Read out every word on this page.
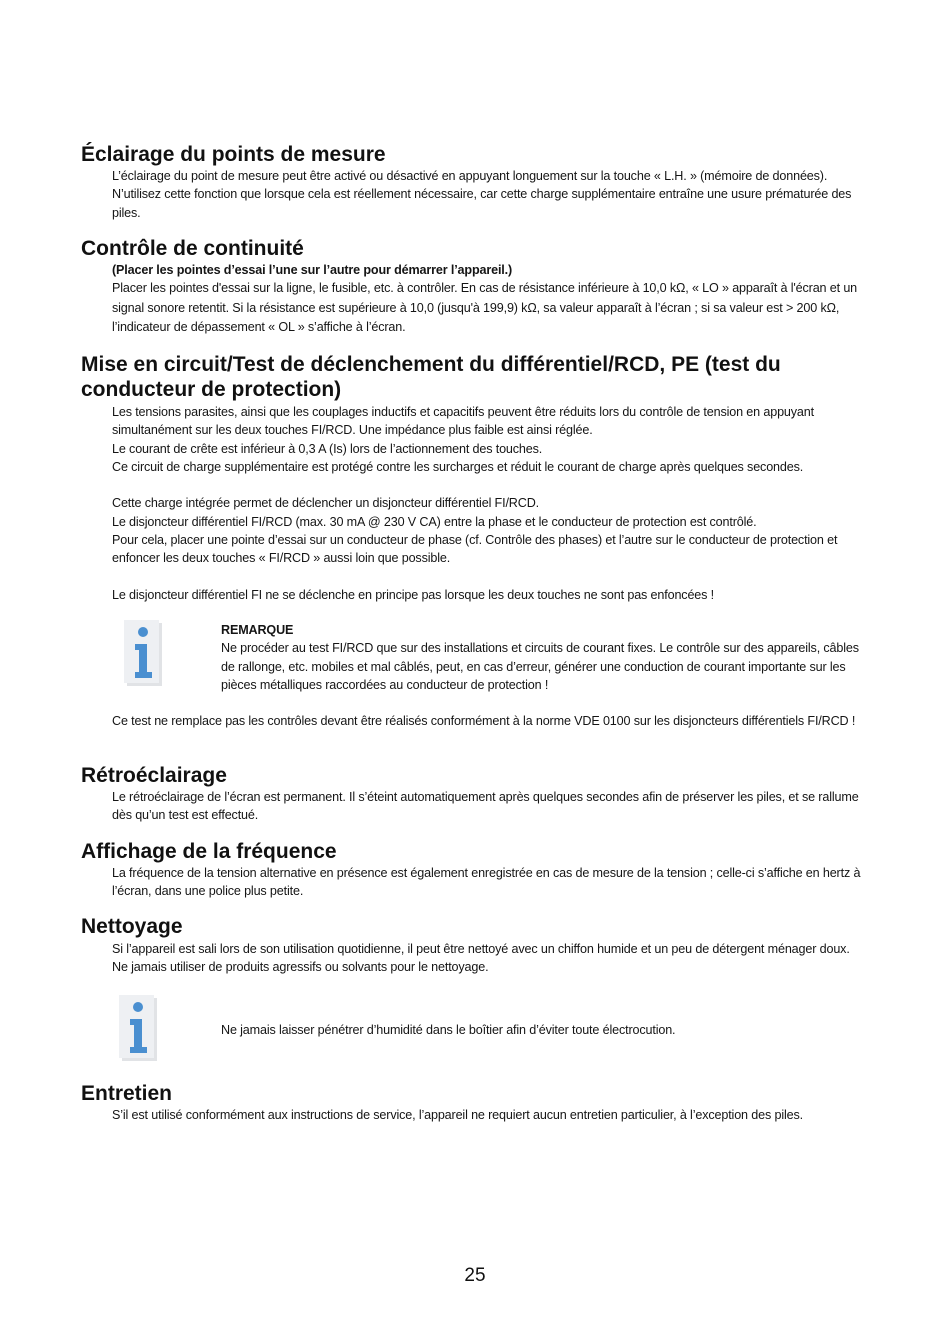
Éclairage du points de mesure

L’éclairage du point de mesure peut être activé ou désactivé en appuyant longuement sur la touche « L.H. » (mémoire de données). N’utilisez cette fonction que lorsque cela est réellement nécessaire, car cette charge supplémentaire entraîne une usure prématurée des piles.

Contrôle de continuité

(Placer les pointes d’essai l’une sur l’autre pour démarrer l’appareil.)

Placer les pointes d'essai sur la ligne, le fusible, etc. à contrôler. En cas de résistance inférieure à 10,0 kΩ, « LO » apparaît à l'écran et un signal sonore retentit. Si la résistance est supérieure à 10,0 (jusqu'à 199,9) kΩ, sa valeur apparaît à l’écran ; si sa valeur est > 200 kΩ, l’indicateur de dépassement « OL » s’affiche à l’écran.

Mise en circuit/Test de déclenchement du différentiel/RCD, PE (test du conducteur de protection)

Les tensions parasites, ainsi que les couplages inductifs et capacitifs peuvent être réduits lors du contrôle de tension en appuyant simultanément sur les deux touches FI/RCD. Une impédance plus faible est ainsi réglée.

Le courant de crête est inférieur à 0,3 A (Is) lors de l’actionnement des touches.

Ce circuit de charge supplémentaire est protégé contre les surcharges et réduit le courant de charge après quelques secondes.

Cette charge intégrée permet de déclencher un disjoncteur différentiel FI/RCD.

Le disjoncteur différentiel FI/RCD (max. 30 mA @ 230 V CA) entre la phase et le conducteur de protection est contrôlé.

Pour cela, placer une pointe d’essai sur un conducteur de phase (cf. Contrôle des phases) et l’autre sur le conducteur de protection et enfoncer les deux touches « FI/RCD » aussi loin que possible.

Le disjoncteur différentiel FI ne se déclenche en principe pas lorsque les deux touches ne sont pas enfoncées !

REMARQUE

Ne procéder au test FI/RCD que sur des installations et circuits de courant fixes. Le contrôle sur des appareils, câbles de rallonge, etc. mobiles et mal câblés, peut, en cas d’erreur, générer une conduction de courant importante sur les pièces métalliques raccordées au conducteur de protection !

Ce test ne remplace pas les contrôles devant être réalisés conformément à la norme VDE 0100 sur les disjoncteurs différentiels FI/RCD !

Rétroéclairage

Le rétroéclairage de l’écran est permanent. Il s’éteint automatiquement après quelques secondes afin de préserver les piles, et se rallume dès qu’un test est effectué.

Affichage de la fréquence

La fréquence de la tension alternative en présence est également enregistrée en cas de mesure de la tension ; celle-ci s’affiche en hertz à l’écran, dans une police plus petite.

Nettoyage

Si l’appareil est sali lors de son utilisation quotidienne, il peut être nettoyé avec un chiffon humide et un peu de détergent ménager doux. Ne jamais utiliser de produits agressifs ou solvants pour le nettoyage.

Ne jamais laisser pénétrer d’humidité dans le boîtier afin d’éviter toute électrocution.

Entretien

S’il est utilisé conformément aux instructions de service, l’appareil ne requiert aucun entretien particulier, à l’exception des piles.

25
